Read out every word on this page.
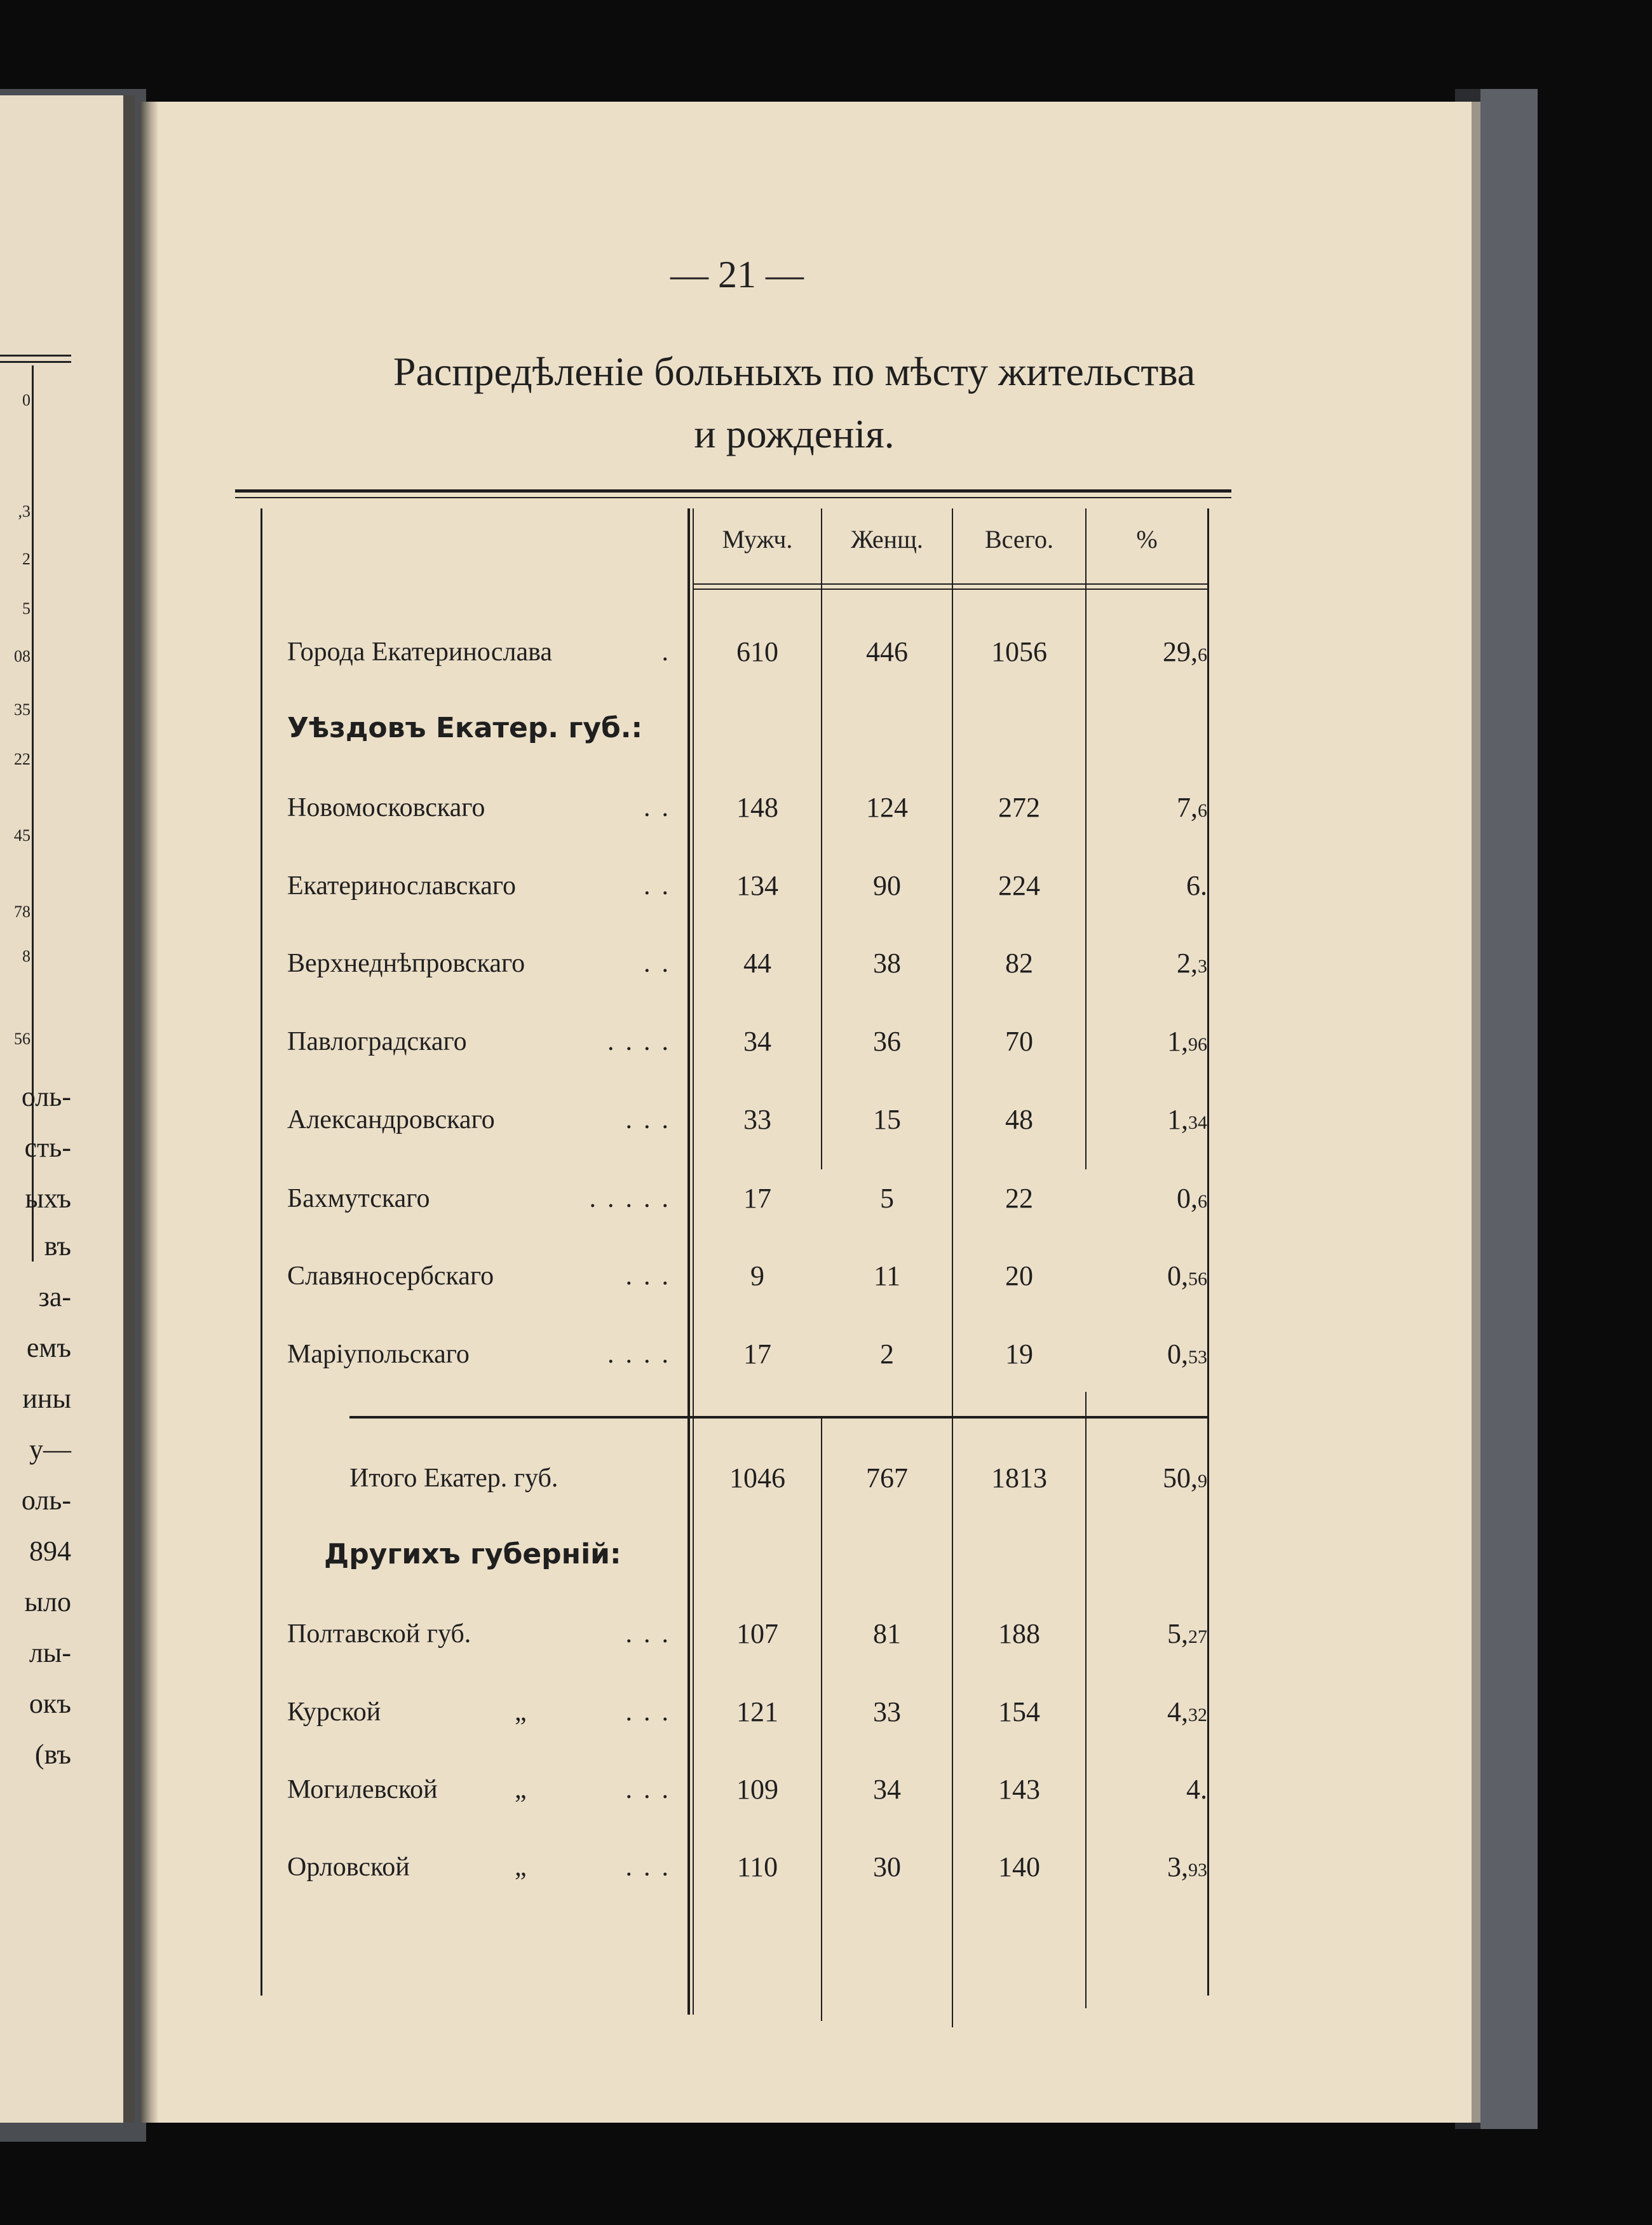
0
,3
2
5
08
35
22
45
78
8
56
оль-
сть-
ыхъ
въ
за-
емъ
ины
у—
оль-
894
ыло
лы-
окъ
(въ
— 21 —
Распредѣленіе больныхъ по мѣсту жительства
и рожденія.
Мужч.	Женщ.	Всего.	%
Города Екатеринослава	.	610	446	1056	29,6
Уѣздовъ Екатер. губ.:
Новомосковскаго	..	148	124	272	7,6
Екатеринославскаго	..	134	90	224	6.
Верхнеднѣпровскаго	..	44	38	82	2,3
Павлоградскаго	....	34	36	70	1,96
Александровскаго	...	33	15	48	1,34
Бахмутскаго	.....	17	5	22	0,6
Славяносербскаго	...	9	11	20	0,56
Маріупольскаго	....	17	2	19	0,53
Итого Екатер. губ.	1046	767	1813	50,9
Другихъ губерній:
Полтавской губ.	...	107	81	188	5,27
Курской	„	...	121	33	154	4,32
Могилевской	„	...	109	34	143	4.
Орловской	„	...	110	30	140	3,93
